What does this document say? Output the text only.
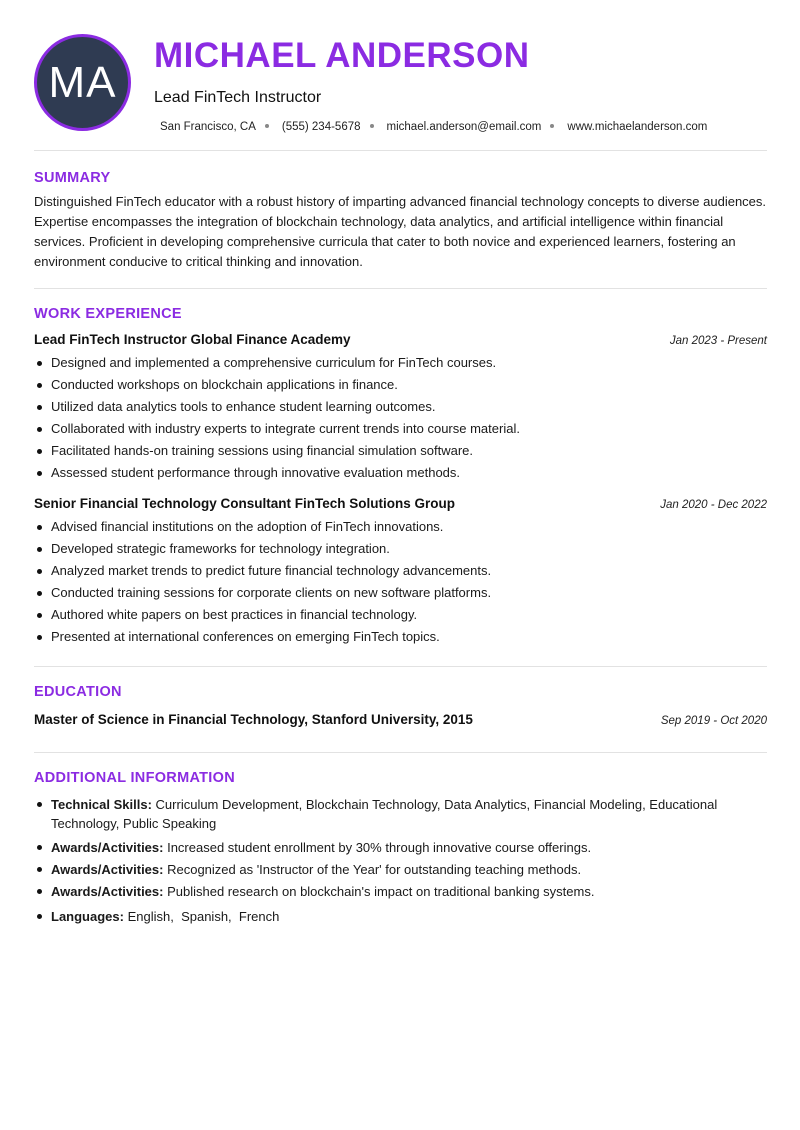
MA
MICHAEL ANDERSON
Lead FinTech Instructor
San Francisco, CA (555) 234-5678 michael.anderson@email.com www.michaelanderson.com
SUMMARY

Distinguished FinTech educator with a robust history of imparting advanced financial technology concepts to diverse audiences. Expertise encompasses the integration of blockchain technology, data analytics, and artificial intelligence within financial services. Proficient in developing comprehensive curricula that cater to both novice and experienced learners, fostering an environment conducive to critical thinking and innovation.

WORK EXPERIENCE
Lead FinTech Instructor Global Finance Academy	Jan 2023 - Present
Designed and implemented a comprehensive curriculum for FinTech courses.
Conducted workshops on blockchain applications in finance.
Utilized data analytics tools to enhance student learning outcomes.
Collaborated with industry experts to integrate current trends into course material.
Facilitated hands-on training sessions using financial simulation software.
Assessed student performance through innovative evaluation methods.
Senior Financial Technology Consultant FinTech Solutions Group	Jan 2020 - Dec 2022
Advised financial institutions on the adoption of FinTech innovations.
Developed strategic frameworks for technology integration.
Analyzed market trends to predict future financial technology advancements.
Conducted training sessions for corporate clients on new software platforms.
Authored white papers on best practices in financial technology.
Presented at international conferences on emerging FinTech topics.
EDUCATION
Master of Science in Financial Technology, Stanford University, 2015	Sep 2019 - Oct 2020
ADDITIONAL INFORMATION
Technical Skills: Curriculum Development, Blockchain Technology, Data Analytics, Financial Modeling, Educational Technology, Public Speaking
Awards/Activities: Increased student enrollment by 30% through innovative course offerings.
Awards/Activities: Recognized as 'Instructor of the Year' for outstanding teaching methods.
Awards/Activities: Published research on blockchain's impact on traditional banking systems.
Languages: English,  Spanish,  French
